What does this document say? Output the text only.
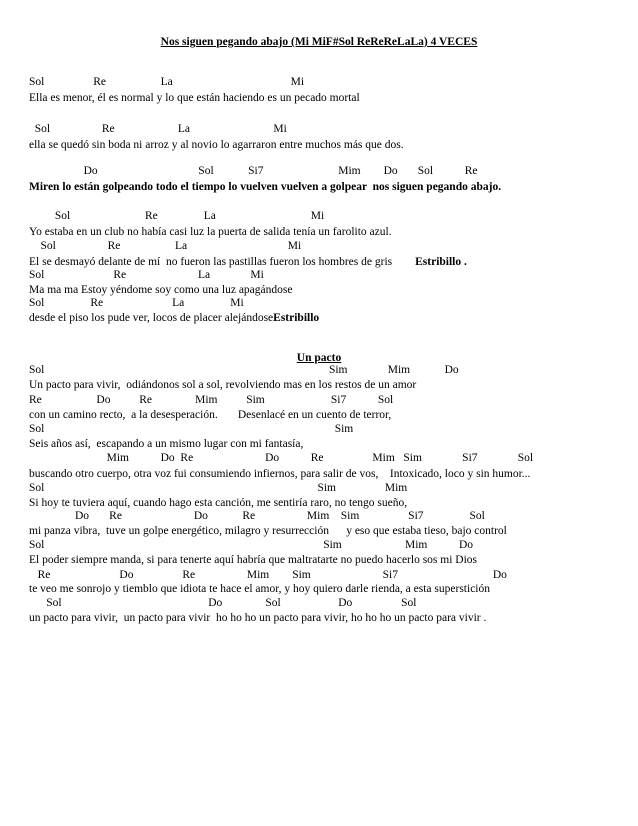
Nos siguen pegando abajo (Mi MiF#Sol ReReReLaLa) 4 VECES
Sol                 Re                   La                                         Mi
Ella es menor, él es normal y lo que están haciendo es un pecado mortal
Sol                  Re                      La                             Mi
ella se quedó sin boda ni arroz y al novio lo agarraron entre muchos más que dos.
Do                                   Sol            Si7                          Mim        Do       Sol           Re
Miren lo están golpeando todo el tiempo lo vuelven vuelven a golpear  nos siguen pegando abajo.
Sol                          Re                La                                 Mi
Yo estaba en un club no había casi luz la puerta de salida tenía un farolito azul.
Sol                  Re                   La                                   Mi
El se desmayó delante de mí  no fueron las pastillas fueron los hombres de gris        Estribillo .
Sol                        Re                         La              Mi
Ma ma ma Estoy yéndome soy como una luz apagándose
Sol                Re                        La                Mi
desde el piso los pude ver, locos de placer alejándoseEstribillo
Un pacto
Sol                                                                                                   Sim              Mim            Do
Un pacto para vivir,  odiándonos sol a sol, revolviendo mas en los restos de un amor
Re                   Do          Re               Mim          Sim                       Si7           Sol
con un camino recto,  a la desesperación.       Desenlacé en un cuento de terror,
Sol                                                                                                     Sim
Seis años así,  escapando a un mismo lugar con mi fantasía,
Mim           Do  Re                         Do           Re                 Mim   Sim              Si7              Sol
buscando otro cuerpo, otra voz fui consumiendo infiernos, para salir de vos,    Intoxicado, loco y sin humor...
Sol                                                                                               Sim                 Mim
Si hoy te tuviera aquí, cuando hago esta canción, me sentiría raro, no tengo sueño,
Do       Re                         Do            Re                  Mim    Sim                 Si7                Sol
mi panza vibra,  tuve un golpe energético, milagro y resurrección      y eso que estaba tieso, bajo control
Sol                                                                                                 Sim                      Mim           Do
El poder siempre manda, si para tenerte aquí habría que maltratarte no puedo hacerlo sos mi Dios
Re                        Do                 Re                  Mim        Sim                         Si7                                 Do
te veo me sonrojo y tiemblo que idiota te hace el amor, y hoy quiero darle rienda, a esta superstición
Sol                                                   Do               Sol                    Do                 Sol
un pacto para vivir,  un pacto para vivir  ho ho ho un pacto para vivir, ho ho ho un pacto para vivir .
